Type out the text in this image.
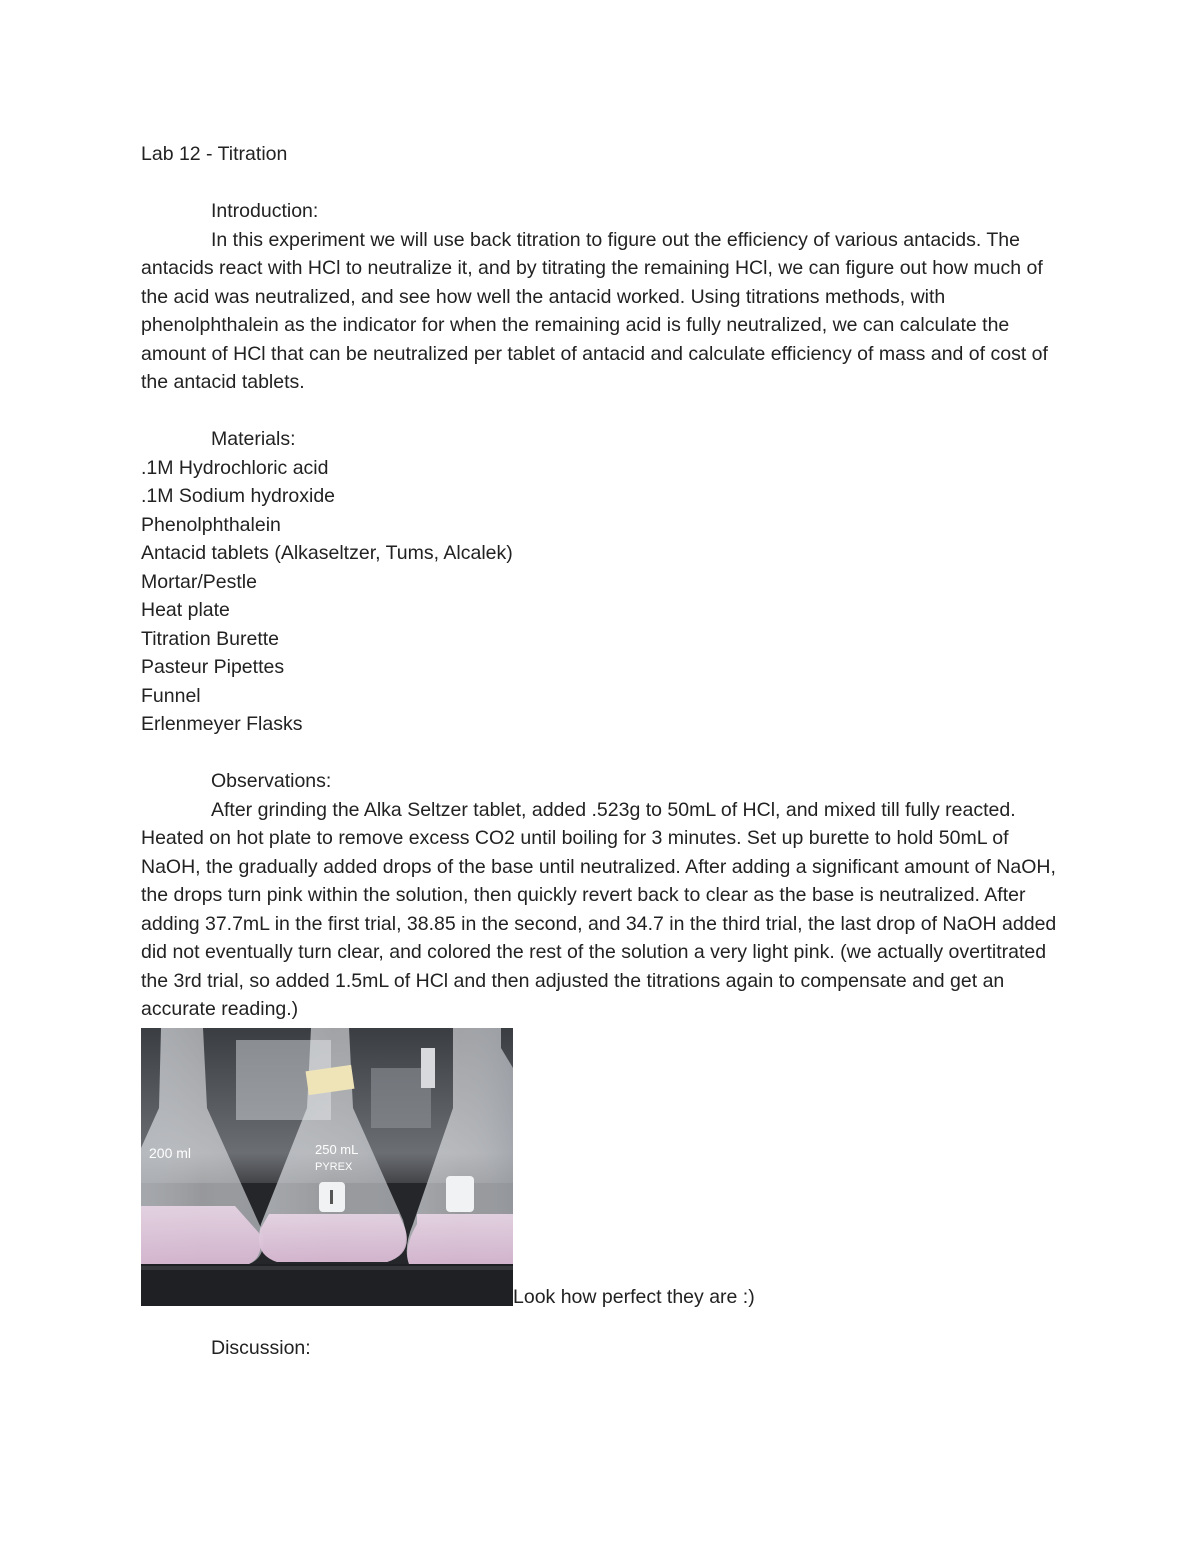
Lab 12 - Titration

Introduction:

In this experiment we will use back titration to figure out the efficiency of various antacids. The antacids react with HCl to neutralize it, and by titrating the remaining HCl, we can figure out how much of the acid was neutralized, and see how well the antacid worked. Using titrations methods, with phenolphthalein as the indicator for when the remaining acid is fully neutralized, we can calculate the amount of HCl that can be neutralized per tablet of antacid and calculate efficiency of mass and of cost of the antacid tablets.

Materials:

.1M Hydrochloric acid

.1M Sodium hydroxide

Phenolphthalein

Antacid tablets (Alkaseltzer, Tums, Alcalek)

Mortar/Pestle

Heat plate

Titration Burette

Pasteur Pipettes

Funnel

Erlenmeyer Flasks

Observations:

After grinding the Alka Seltzer tablet, added .523g to 50mL of HCl, and mixed till fully reacted. Heated on hot plate to remove excess CO2 until boiling for 3 minutes. Set up burette to hold 50mL of NaOH, the gradually added drops of the base until neutralized. After adding a significant amount of NaOH, the drops turn pink within the solution, then quickly revert back to clear as the base is neutralized. After adding 37.7mL in the first trial, 38.85 in the second, and 34.7 in the third trial, the last drop of NaOH added did not eventually turn clear, and colored the rest of the solution a very light pink. (we actually overtitrated the 3rd trial, so added 1.5mL of HCl and then adjusted the titrations again to compensate and get an accurate reading.)

200 ml	250 mL
PYREX
Look how perfect they are :)

Discussion:
